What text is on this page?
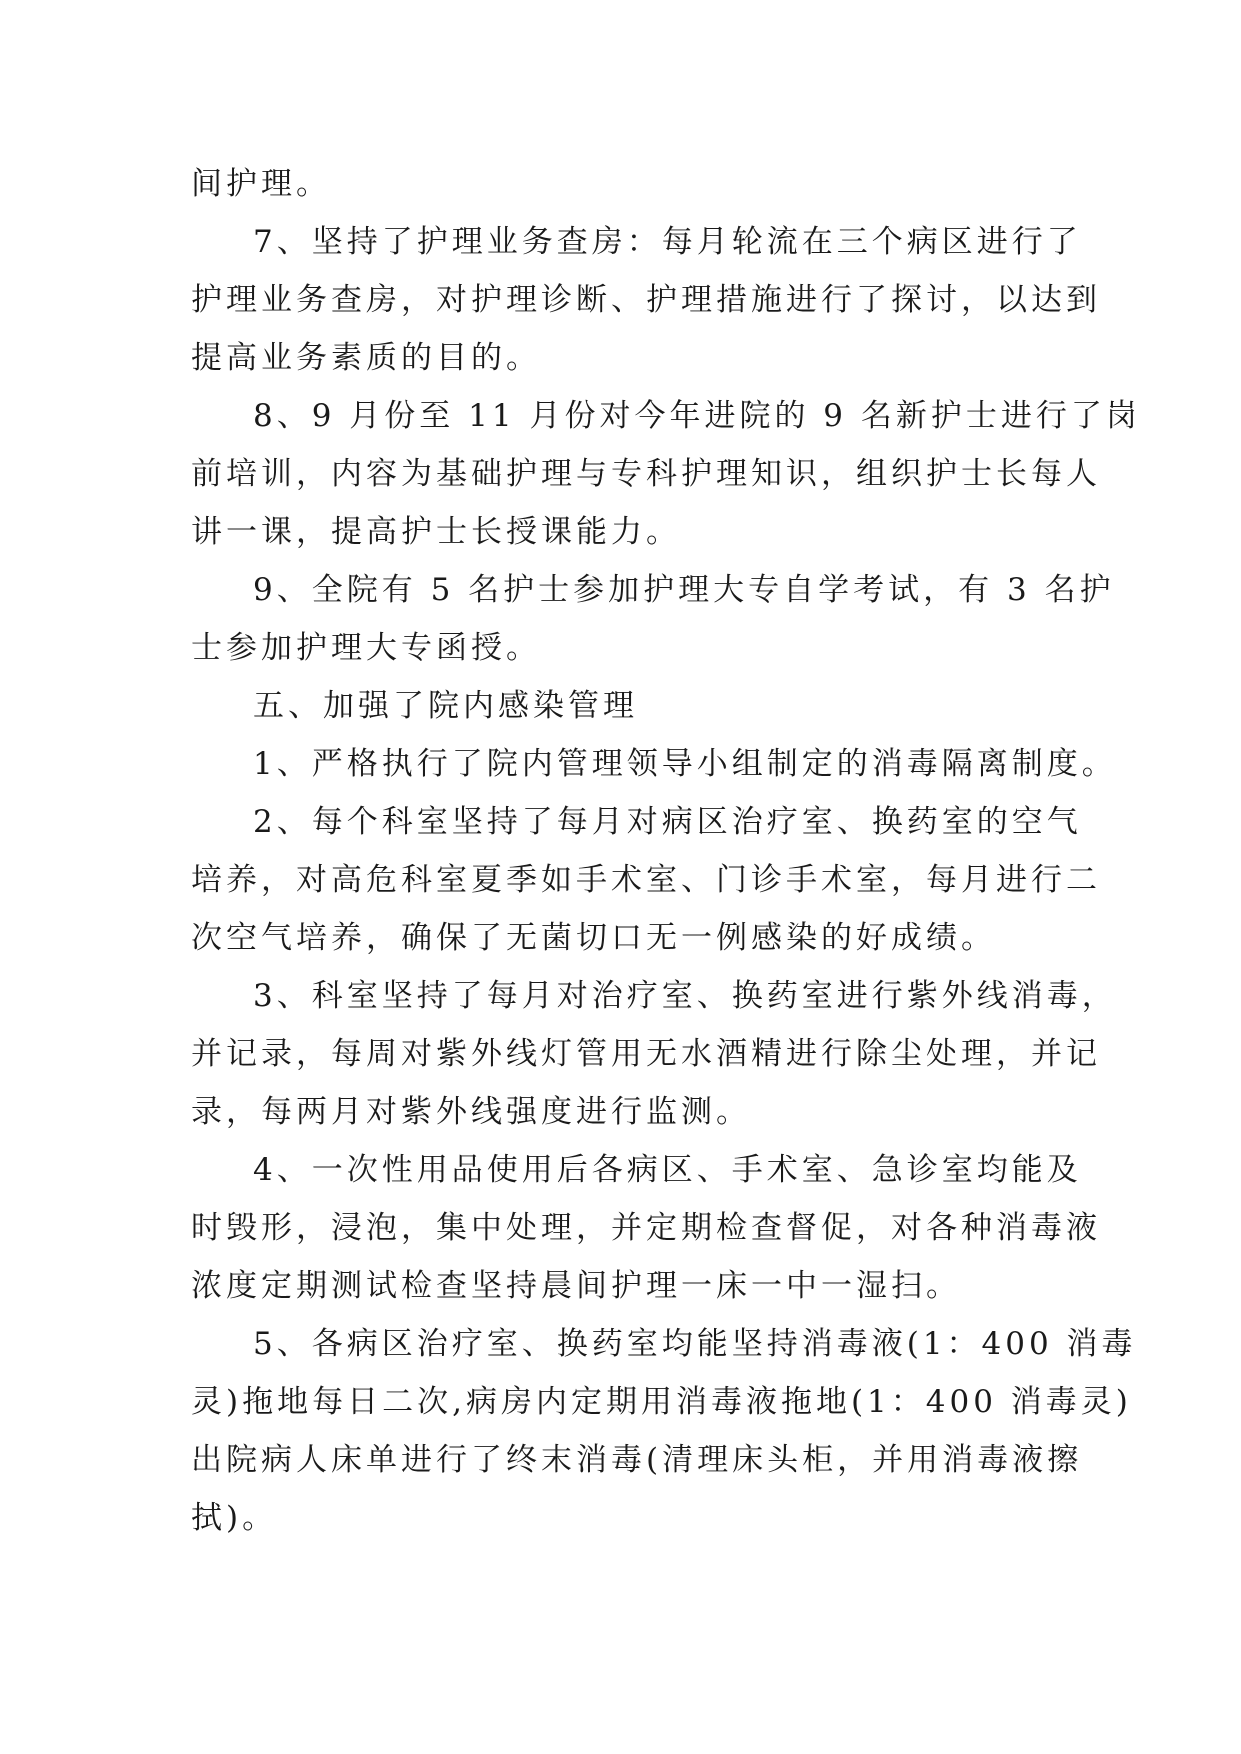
间护理。
7、坚持了护理业务查房：每月轮流在三个病区进行了
护理业务查房，对护理诊断、护理措施进行了探讨，以达到
提高业务素质的目的。
8、9 月份至 11 月份对今年进院的 9 名新护士进行了岗
前培训，内容为基础护理与专科护理知识，组织护士长每人
讲一课，提高护士长授课能力。
9、全院有 5 名护士参加护理大专自学考试，有 3 名护
士参加护理大专函授。
五、加强了院内感染管理
1、严格执行了院内管理领导小组制定的消毒隔离制度。
2、每个科室坚持了每月对病区治疗室、换药室的空气
培养，对高危科室夏季如手术室、门诊手术室，每月进行二
次空气培养，确保了无菌切口无一例感染的好成绩。
3、科室坚持了每月对治疗室、换药室进行紫外线消毒，
并记录，每周对紫外线灯管用无水酒精进行除尘处理，并记
录，每两月对紫外线强度进行监测。
4、一次性用品使用后各病区、手术室、急诊室均能及
时毁形，浸泡，集中处理，并定期检查督促，对各种消毒液
浓度定期测试检查坚持晨间护理一床一中一湿扫。
5、各病区治疗室、换药室均能坚持消毒液(1：400 消毒
灵)拖地每日二次,病房内定期用消毒液拖地(1：400 消毒灵)
出院病人床单进行了终末消毒(清理床头柜，并用消毒液擦
拭)。
